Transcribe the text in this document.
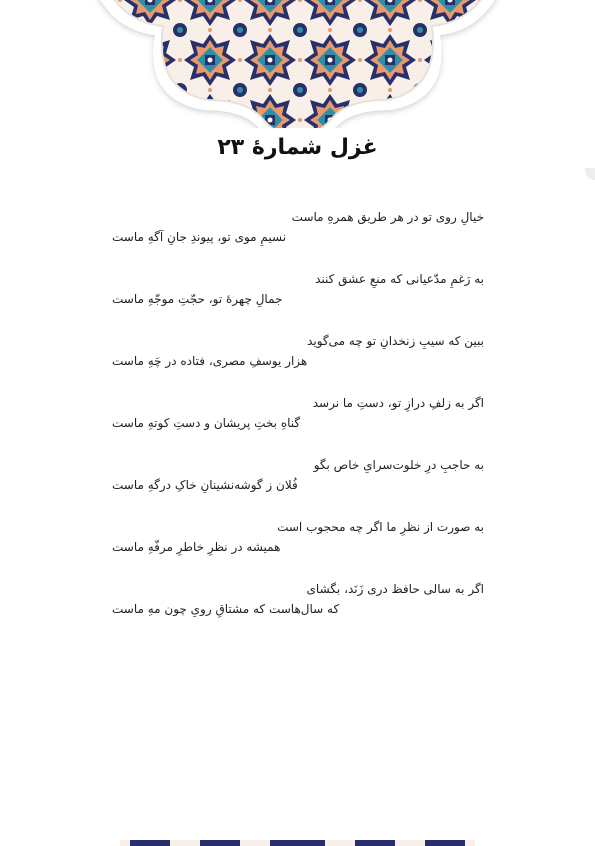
غزل شمارهٔ ۲۳
خیالِ روی تو در هر طریق همرهِ ماست
نسیمِ موی تو، پیوندِ جانِ آگهِ ماست
به رَغمِ مدّعیانی که منعِ عشق کنند
جمالِ چهرهٔ تو، حجّتِ موجّهِ ماست
ببین که سیبِ زنخدانِ تو چه می‌گوید
هزار یوسفِ مصری، فتاده در چَهِ ماست
اگر به زلفِ درازِ تو، دستِ ما نرسد
گناهِ بختِ پریشان و دستِ کوتهِ ماست
به حاجبِ درِ خلوت‌سرایِ خاص بگو
فُلان ز گوشه‌نشینانِ خاکِ درگهِ ماست
به صورت از نظرِ ما اگر چه محجوب است
همیشه در نظرِ خاطرِ مرفّهِ ماست
اگر به سالی حافظ دری زَنَد، بگشای
که سال‌هاست که مشتاقِ رویِ چون مهِ ماست
